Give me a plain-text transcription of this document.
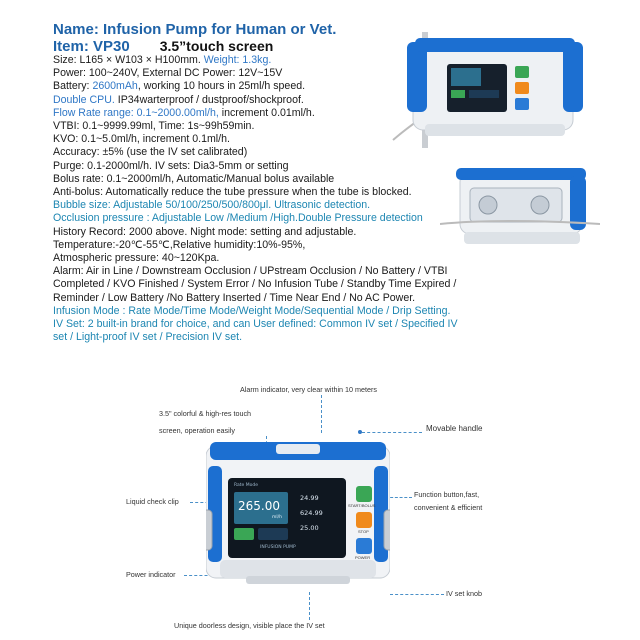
Name: Infusion Pump for Human or Vet.
Item: VP30 3.5”touch screen
Size: L165 × W103 × H100mm. Weight: 1.3kg.
Power: 100~240V, External DC Power: 12V~15V
Battery: 2600mAh, working 10 hours in 25ml/h speed.
Double CPU. IP34warterproof / dustproof/shockproof.
Flow Rate range: 0.1~2000.00ml/h, increment 0.01ml/h.
VTBI: 0.1~9999.99ml, Time: 1s~99h59min.
KVO: 0.1~5.0ml/h, increment 0.1ml/h.
Accuracy: ±5% (use the IV set calibrated)
Purge: 0.1-2000ml/h. IV sets: Dia3-5mm or setting
Bolus rate: 0.1~2000ml/h, Automatic/Manual bolus available
Anti-bolus: Automatically reduce the tube pressure when the tube is blocked.
Bubble size: Adjustable 50/100/250/500/800μl. Ultrasonic detection.
Occlusion pressure : Adjustable Low /Medium /High.Double Pressure detection
History Record: 2000 above. Night mode: setting and adjustable.
Temperature:-20℃-55℃,Relative humidity:10%-95%,
Atmospheric pressure: 40~120Kpa.
Alarm: Air in Line / Downstream Occlusion / UPstream Occlusion / No Battery / VTBI
Completed / KVO Finished / System Error / No Infusion Tube / Standby Time Expired /
Reminder / Low Battery /No Battery Inserted / Time Near End / No AC Power.
Infusion Mode : Rate Mode/Time Mode/Weight Mode/Sequential Mode / Drip Setting.
IV Set: 2 built-in brand for choice, and can User defined: Common IV set / Specified IV
set / Light-proof IV set / Precision IV set.
Alarm indicator, very clear within 10 meters
3.5" colorful & high-res touch
screen, operation easily	Movable handle
Liquid check clip
Function button,fast,
convenient & efficient
Power indicator
IV set knob
Unique doorless design, visible place the IV set
Rate Mode
265.00
ml/h
24.99
624.99
25.00
INFUSION PUMP
START/BOLUS
STOP
POWER
